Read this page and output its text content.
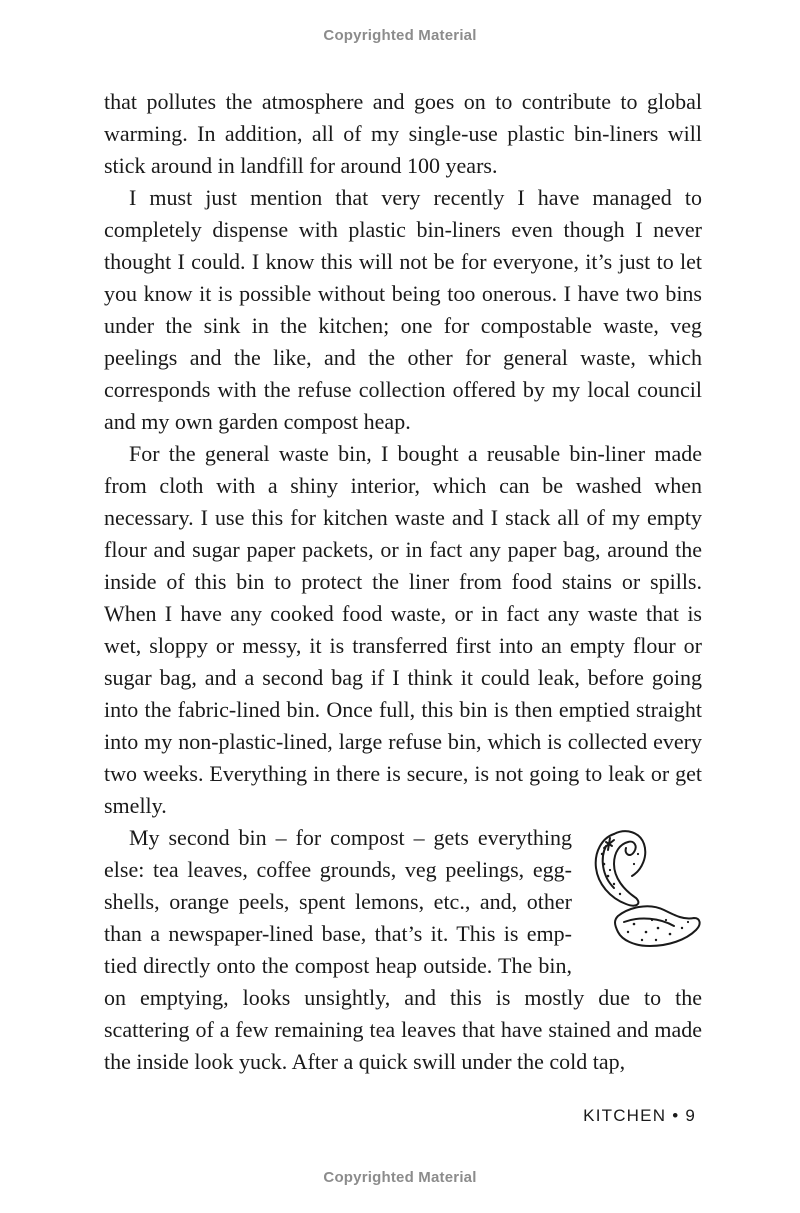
Copyrighted Material

that pollutes the atmosphere and goes on to contribute to global warming. In addition, all of my single-use plastic bin-liners will stick around in landfill for around 100 years.

I must just mention that very recently I have managed to completely dispense with plastic bin-liners even though I never thought I could. I know this will not be for everyone, it’s just to let you know it is possible without being too onerous. I have two bins under the sink in the kitchen; one for compostable waste, veg peelings and the like, and the other for general waste, which corresponds with the refuse collection offered by my local council and my own garden compost heap.

For the general waste bin, I bought a reusable bin-liner made from cloth with a shiny interior, which can be washed when necessary. I use this for kitchen waste and I stack all of my empty flour and sugar paper packets, or in fact any paper bag, around the inside of this bin to protect the liner from food stains or spills. When I have any cooked food waste, or in fact any waste that is wet, sloppy or messy, it is transferred first into an empty flour or sugar bag, and a second bag if I think it could leak, before going into the fabric-lined bin. Once full, this bin is then emptied straight into my non-plastic-lined, large refuse bin, which is collected every two weeks. Everything in there is secure, is not going to leak or get smelly.

My second bin – for compost – gets everything else: tea leaves, coffee grounds, veg peelings, eggshells, orange peels, spent lemons, etc., and, other than a newspaper-lined base, that’s it. This is emptied directly onto the compost heap outside. The bin, on emptying, looks unsightly, and this is mostly due to the scattering of a few remaining tea leaves that have stained and made the inside look yuck. After a quick swill under the cold tap,

KITCHEN • 9
Copyrighted Material
